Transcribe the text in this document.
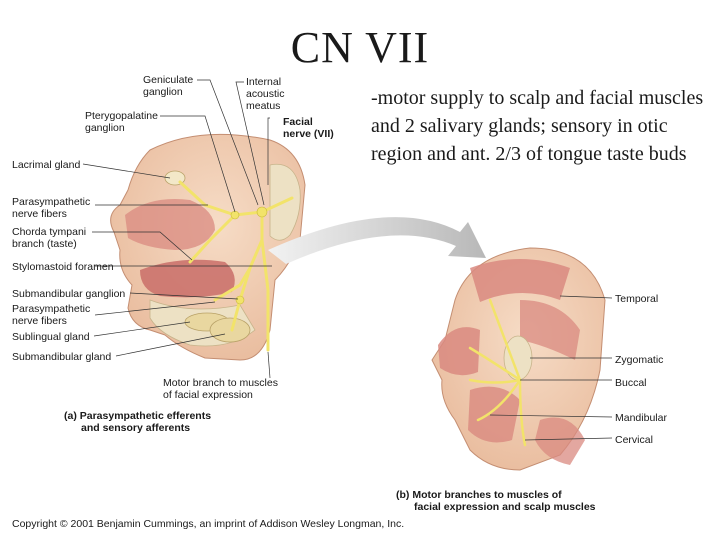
CN VII
-motor supply to scalp and facial muscles and 2 salivary glands; sensory in otic region and ant. 2/3 of tongue taste buds
Geniculate
ganglion
Internal
acoustic
meatus
Pterygopalatine
ganglion	Facial
nerve (VII)
Lacrimal gland
Parasympathetic
nerve fibers
Chorda tympani
branch (taste)
Stylomastoid foramen
Submandibular ganglion
Parasympathetic
nerve fibers
Sublingual gland
Submandibular gland
Motor branch to muscles
of facial expression
(a) Parasympathetic efferents
and sensory afferents
Temporal
Zygomatic
Buccal
Mandibular
Cervical
(b) Motor branches to muscles of
facial expression and scalp muscles
Copyright © 2001 Benjamin Cummings, an imprint of Addison Wesley Longman, Inc.
